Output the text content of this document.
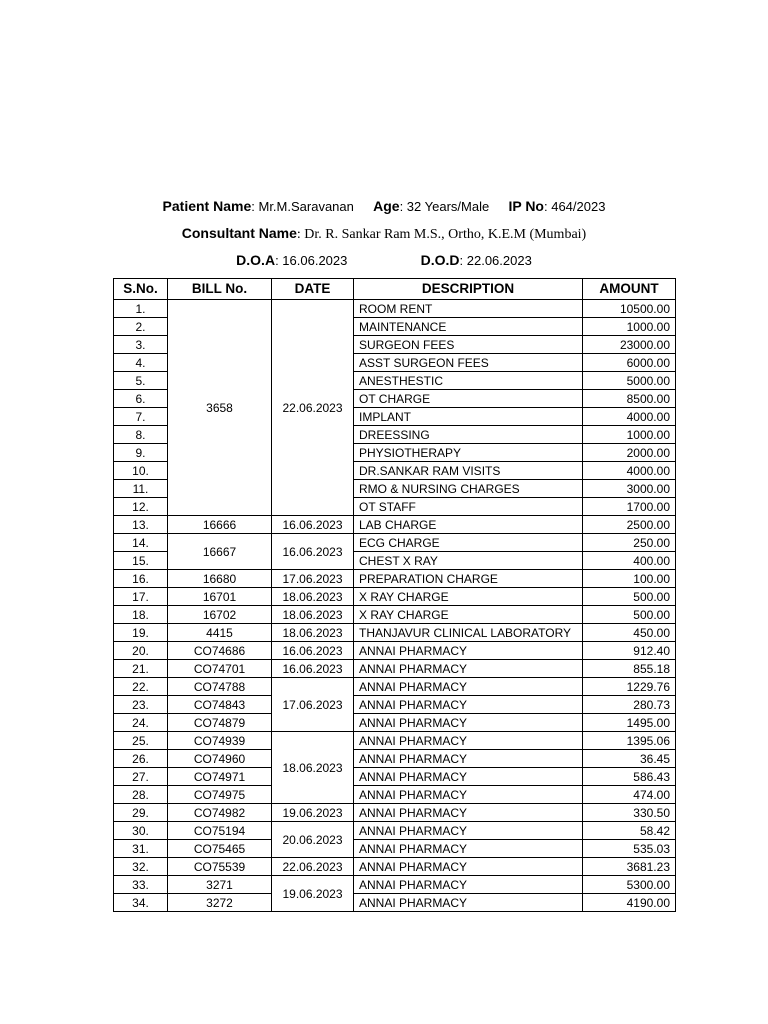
Patient Name: Mr.M.Saravanan Age: 32 Years/Male IP No: 464/2023
Consultant Name: Dr. R. Sankar Ram M.S., Ortho, K.E.M (Mumbai)
D.O.A: 16.06.2023	D.O.D: 22.06.2023
S.No.	BILL No.	DATE	DESCRIPTION	AMOUNT
1.	3658	22.06.2023	ROOM RENT	10500.00
2.			MAINTENANCE	1000.00
3.			SURGEON FEES	23000.00
4.			ASST SURGEON FEES	6000.00
5.			ANESTHESTIC	5000.00
6.			OT CHARGE	8500.00
7.			IMPLANT	4000.00
8.			DREESSING	1000.00
9.			PHYSIOTHERAPY	2000.00
10.			DR.SANKAR RAM VISITS	4000.00
11.			RMO & NURSING CHARGES	3000.00
12.			OT STAFF	1700.00
13.	16666	16.06.2023	LAB CHARGE	2500.00
14.	16667	16.06.2023	ECG CHARGE	250.00
15.			CHEST X RAY	400.00
16.	16680	17.06.2023	PREPARATION CHARGE	100.00
17.	16701	18.06.2023	X RAY CHARGE	500.00
18.	16702	18.06.2023	X RAY CHARGE	500.00
19.	4415	18.06.2023	THANJAVUR CLINICAL LABORATORY	450.00
20.	CO74686	16.06.2023	ANNAI PHARMACY	912.40
21.	CO74701	16.06.2023	ANNAI PHARMACY	855.18
22.	CO74788	17.06.2023	ANNAI PHARMACY	1229.76
23.	CO74843		ANNAI PHARMACY	280.73
24.	CO74879		ANNAI PHARMACY	1495.00
25.	CO74939	18.06.2023	ANNAI PHARMACY	1395.06
26.	CO74960		ANNAI PHARMACY	36.45
27.	CO74971		ANNAI PHARMACY	586.43
28.	CO74975		ANNAI PHARMACY	474.00
29.	CO74982	19.06.2023	ANNAI PHARMACY	330.50
30.	CO75194	20.06.2023	ANNAI PHARMACY	58.42
31.	CO75465		ANNAI PHARMACY	535.03
32.	CO75539	22.06.2023	ANNAI PHARMACY	3681.23
33.	3271	19.06.2023	ANNAI PHARMACY	5300.00
34.	3272		ANNAI PHARMACY	4190.00
